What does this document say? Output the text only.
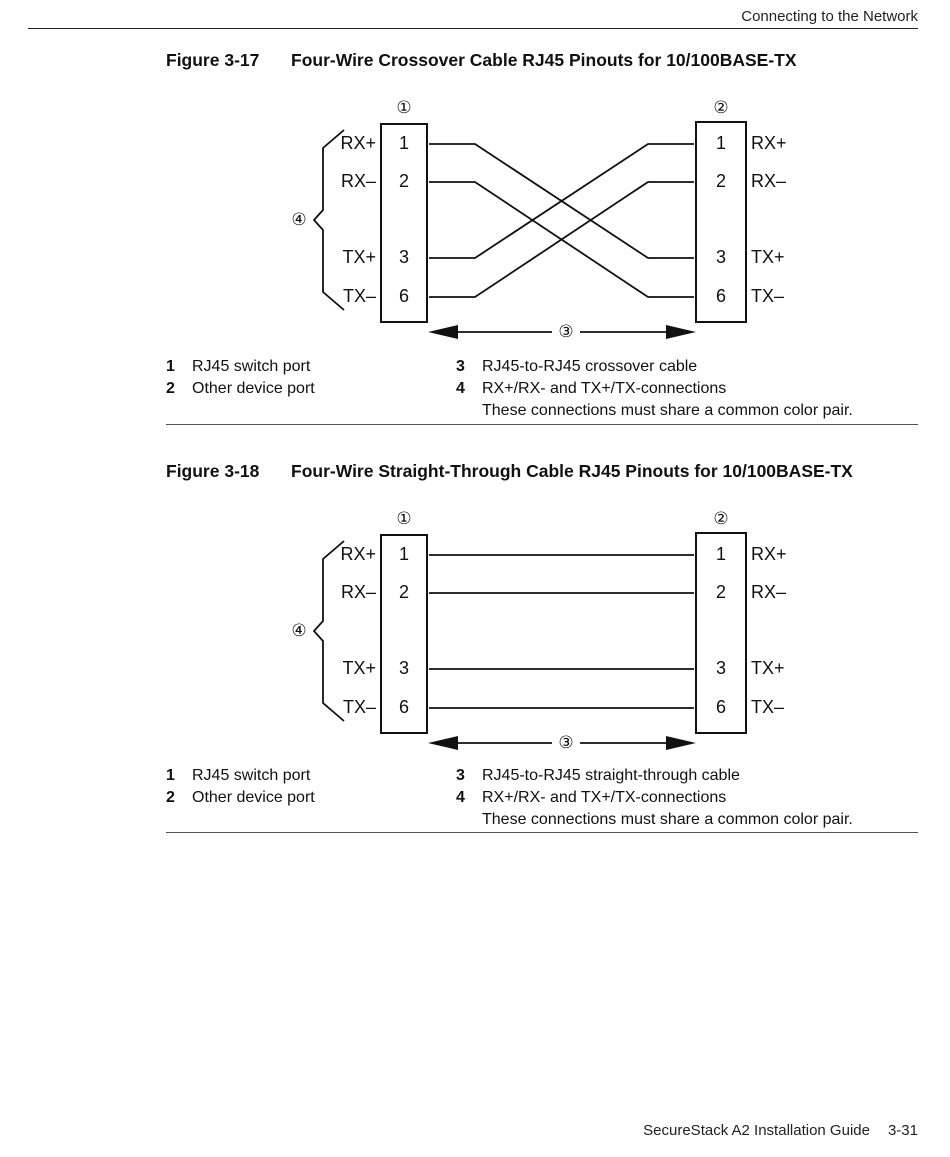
Connecting to the Network
Figure 3-17 Four-Wire Crossover Cable RJ45 Pinouts for 10/100BASE-TX
①	②
1
RX+
2
RX–
3
TX+
6
TX–
1 RX+
2 RX–
3 TX+
6 TX–
④
③
1 RJ45 switch port
2 Other device port
3 RJ45-to-RJ45 crossover cable
4 RX+/RX- and TX+/TX-connections
These connections must share a common color pair.
Figure 3-18 Four-Wire Straight-Through Cable RJ45 Pinouts for 10/100BASE-TX
①	②
1
RX+
2
RX–
3
TX+
6
TX–
1 RX+
2 RX–
3 TX+
6 TX–
④
③
1 RJ45 switch port
2 Other device port
3 RJ45-to-RJ45 straight-through cable
4 RX+/RX- and TX+/TX-connections
These connections must share a common color pair.
SecureStack A2 Installation Guide 3-31
